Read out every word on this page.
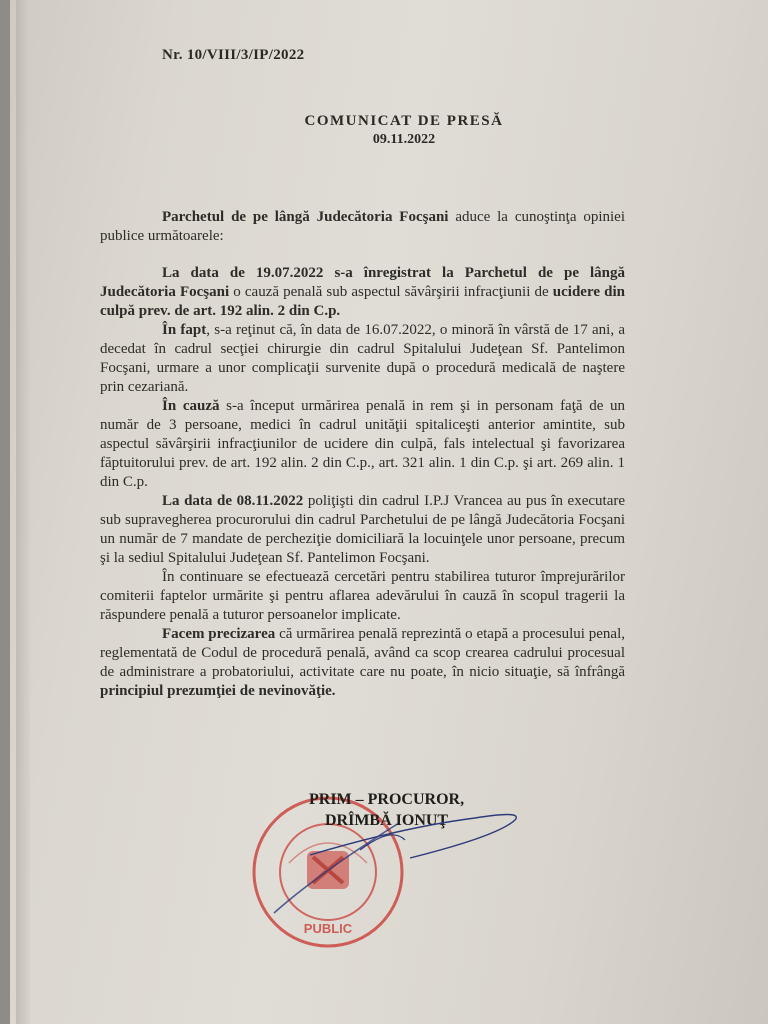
Nr. 10/VIII/3/IP/2022
COMUNICAT DE PRESĂ
09.11.2022

Parchetul de pe lângă Judecătoria Focşani aduce la cunoştinţa opiniei publice următoarele:

La data de 19.07.2022 s-a înregistrat la Parchetul de pe lângă Judecătoria Focşani o cauză penală sub aspectul săvârşirii infracţiunii de ucidere din culpă prev. de art. 192 alin. 2 din C.p.

În fapt, s-a reţinut că, în data de 16.07.2022, o minoră în vârstă de 17 ani, a decedat în cadrul secţiei chirurgie din cadrul Spitalului Judeţean Sf. Pantelimon Focşani, urmare a unor complicaţii survenite după o procedură medicală de naştere prin cezariană.

În cauză s-a început urmărirea penală in rem şi in personam faţă de un număr de 3 persoane, medici în cadrul unităţii spitaliceşti anterior amintite, sub aspectul săvârşirii infracţiunilor de ucidere din culpă, fals intelectual şi favorizarea făptuitorului prev. de art. 192 alin. 2 din C.p., art. 321 alin. 1 din C.p. şi art. 269 alin. 1 din C.p.

La data de 08.11.2022 poliţişti din cadrul I.P.J Vrancea au pus în executare sub supravegherea procurorului din cadrul Parchetului de pe lângă Judecătoria Focşani un număr de 7 mandate de percheziţie domiciliară la locuinţele unor persoane, precum şi la sediul Spitalului Judeţean Sf. Pantelimon Focşani.

În continuare se efectuează cercetări pentru stabilirea tuturor împrejurărilor comiterii faptelor urmărite şi pentru aflarea adevărului în cauză în scopul tragerii la răspundere penală a tuturor persoanelor implicate.

Facem precizarea că urmărirea penală reprezintă o etapă a procesului penal, reglementată de Codul de procedură penală, având ca scop crearea cadrului procesual de administrare a probatoriului, activitate care nu poate, în nicio situaţie, să înfrângă principiul prezumţiei de nevinovăţie.

PUBLIC
PRIM – PROCUROR,
DRÎMBĂ IONUŢ
